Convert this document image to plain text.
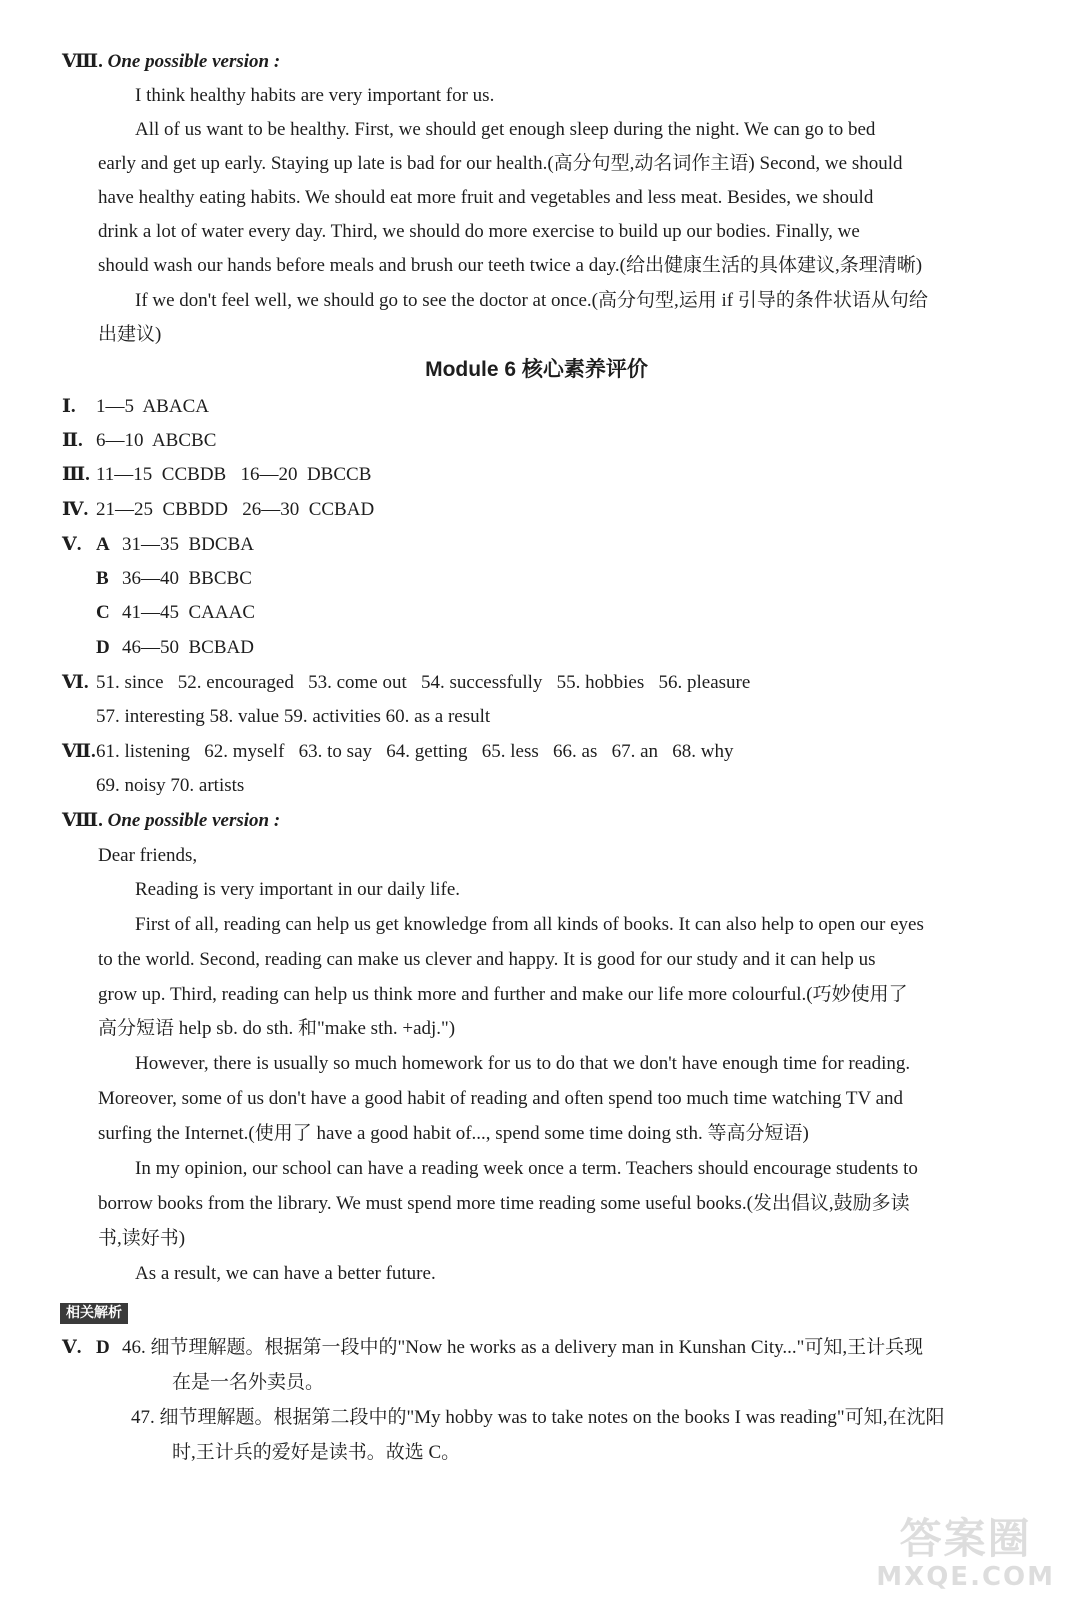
Ⅷ. One possible version :
I think healthy habits are very important for us.
All of us want to be healthy. First, we should get enough sleep during the night. We can go to bed
early and get up early. Staying up late is bad for our health.(高分句型,动名词作主语) Second, we should
have healthy eating habits. We should eat more fruit and vegetables and less meat. Besides, we should
drink a lot of water every day. Third, we should do more exercise to build up our bodies. Finally, we
should wash our hands before meals and brush our teeth twice a day.(给出健康生活的具体建议,条理清晰)
If we don't feel well, we should go to see the doctor at once.(高分句型,运用 if 引导的条件状语从句给
出建议)
Module 6 核心素养评价
Ⅰ. 1—5  ABACA
Ⅱ. 6—10  ABCBC
Ⅲ. 11—15  CCBDB   16—20  DBCCB
Ⅳ. 21—25  CBBDD   26—30  CCBAD
Ⅴ. A 31—35  BDCBA
B 36—40  BBCBC
C 41—45  CAAAC
D 46—50  BCBAD
Ⅵ. 51. since   52. encouraged   53. come out   54. successfully   55. hobbies   56. pleasure
57. interesting 58. value 59. activities 60. as a result
Ⅶ.61. listening   62. myself   63. to say   64. getting   65. less   66. as   67. an   68. why
69. noisy 70. artists
Ⅷ. One possible version :
Dear friends,
Reading is very important in our daily life.
First of all, reading can help us get knowledge from all kinds of books. It can also help to open our eyes
to the world. Second, reading can make us clever and happy. It is good for our study and it can help us
grow up. Third, reading can help us think more and further and make our life more colourful.(巧妙使用了
高分短语 help sb. do sth. 和"make sth. +adj.")
However, there is usually so much homework for us to do that we don't have enough time for reading.
Moreover, some of us don't have a good habit of reading and often spend too much time watching TV and
surfing the Internet.(使用了 have a good habit of..., spend some time doing sth. 等高分短语)
In my opinion, our school can have a reading week once a term. Teachers should encourage students to
borrow books from the library. We must spend more time reading some useful books.(发出倡议,鼓励多读
书,读好书)
As a result, we can have a better future.
相关解析
Ⅴ. D 46. 细节理解题。根据第一段中的"Now he works as a delivery man in Kunshan City..."可知,王计兵现
在是一名外卖员。
47. 细节理解题。根据第二段中的"My hobby was to take notes on the books I was reading"可知,在沈阳
时,王计兵的爱好是读书。故选 C。
答案圈
MXQE.COM
